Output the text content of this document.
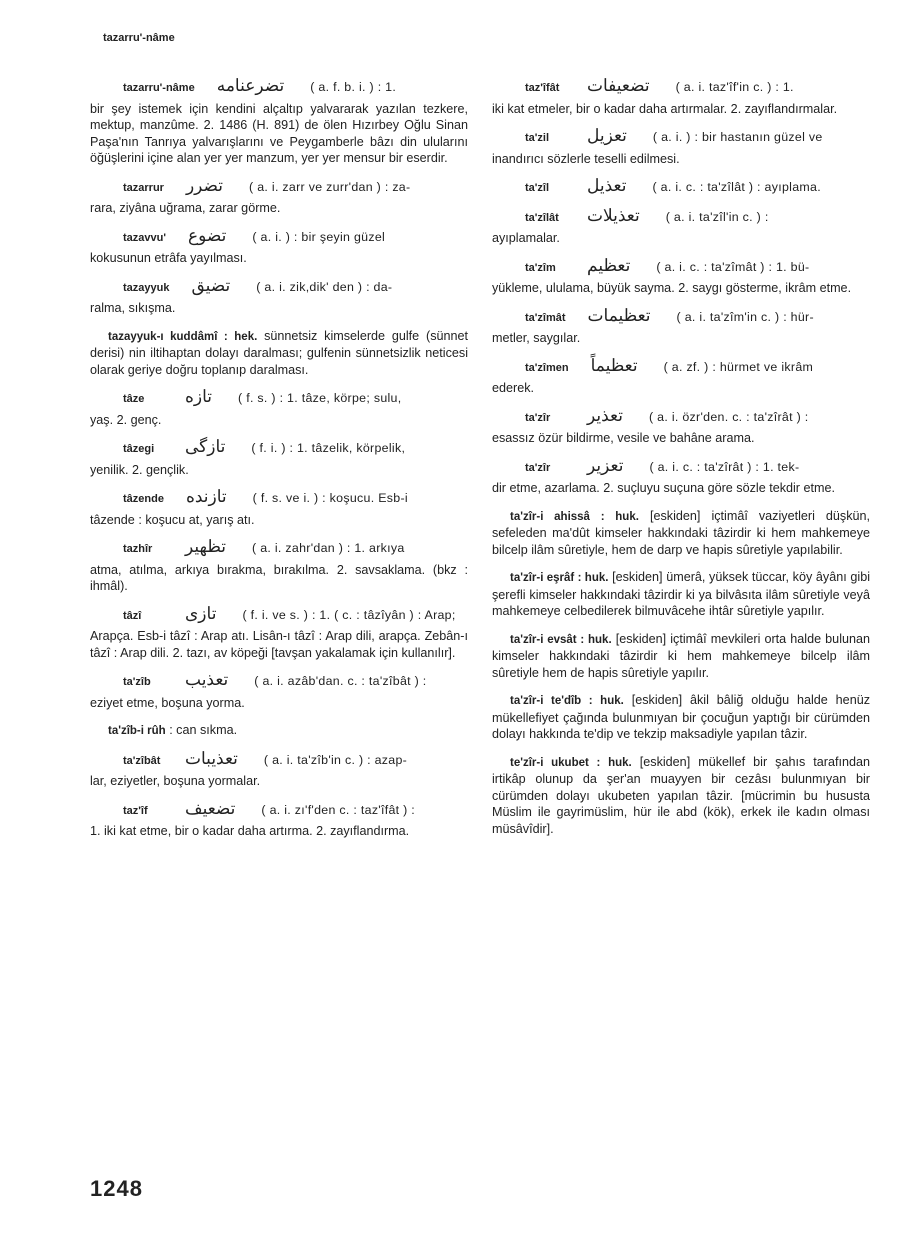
tazarru'-nâme
tazarru'-nâme تضرعنامه ( a. f. b. i. ) : 1.
bir şey istemek için kendini alçaltıp yalvararak yazılan tezkere, mektup, manzûme. 2. 1486 (H. 891) de ölen Hızırbey Oğlu Sinan Paşa'nın Tanrıya yalvarışlarını ve Peygamberle bâzı din ulularını öğüşlerini içine alan yer yer manzum, yer yer mensur bir eserdir.
tazarrur تضرر ( a. i. zarr ve zurr'dan ) : za-
rara, ziyâna uğrama, zarar görme.
tazavvu' تضوع ( a. i. ) : bir şeyin güzel
kokusunun etrâfa yayılması.
tazayyuk تضيق ( a. i. zik,dik' den ) : da-
ralma, sıkışma.
tazayyuk-ı kuddâmî : hek. sünnetsiz kimselerde gulfe (sünnet derisi) nin iltihaptan dolayı daralması; gulfenin sünnetsizlik neticesi olarak geriye doğru toplanıp daralması.
tâze	تازه ( f. s. ) : 1. tâze, körpe; sulu,
yaş. 2. genç.
tâzegi	تازگی ( f. i. ) : 1. tâzelik, körpelik,
yenilik. 2. gençlik.
tâzende تازنده ( f. s. ve i. ) : koşucu. Esb-i
tâzende : koşucu at, yarış atı.
tazhîr	تظهير ( a. i. zahr'dan ) : 1. arkıya
atma, atılma, arkıya bırakma, bırakılma. 2. savsaklama. (bkz : ihmâl).
tâzî	تازی ( f. i. ve s. ) : 1. ( c. : tâzîyân ) : Arap;
Arapça. Esb-i tâzî : Arap atı. Lisân-ı tâzî : Arap dili, arapça. Zebân-ı tâzî : Arap dili. 2. tazı, av köpeği [tavşan yakalamak için kullanılır].
ta'zîb	تعذيب ( a. i. azâb'dan. c. : ta'zîbât ) :
eziyet etme, boşuna yorma.
ta'zîb-i rûh : can sıkma.
ta'zîbât تعذيبات ( a. i. ta'zîb'in c. ) : azap-
lar, eziyetler, boşuna yormalar.
taz'îf	تضعيف ( a. i. zı'f'den c. : taz'îfât ) :
1. iki kat etme, bir o kadar daha artırma. 2. zayıflandırma.
taz'îfât	تضعيفات ( a. i. taz'îf'in c. ) : 1.
iki kat etmeler, bir o kadar daha artırmalar. 2. zayıflandırmalar.
ta'zil	تعزيل ( a. i. ) : bir hastanın güzel ve
inandırıcı sözlerle teselli edilmesi.
ta'zîl	تعذيل ( a. i. c. : ta'zîlât ) : ayıplama.
ta'zîlât	تعذيلات ( a. i. ta'zîl'in c. ) :
ayıplamalar.
ta'zîm	تعظيم ( a. i. c. : ta'zîmât ) : 1. bü-
yükleme, ululama, büyük sayma. 2. saygı gösterme, ikrâm etme.
ta'zîmât تعظيمات ( a. i. ta'zîm'in c. ) : hür-
metler, saygılar.
ta'zîmen تعظيماً ( a. zf. ) : hürmet ve ikrâm
ederek.
ta'zîr	تعذير ( a. i. özr'den. c. : ta'zîrât ) :
esassız özür bildirme, vesile ve bahâne arama.
ta'zîr	تعزير ( a. i. c. : ta'zîrât ) : 1. tek-
dir etme, azarlama. 2. suçluyu suçuna göre sözle tekdir etme.
ta'zîr-i ahissâ : huk. [eskiden] içtimâî vaziyetleri düşkün, sefeleden ma'dût kimseler hakkındaki tâzirdir ki hem mahkemeye bilcelp ilâm sûretiyle, hem de darp ve hapis sûretiyle yapılabilir.
ta'zîr-i eşrâf : huk. [eskiden] ümerâ, yüksek tüccar, köy âyânı gibi şerefli kimseler hakkındaki tâzirdir ki ya bilvâsıta ilâm sûretiyle veyâ mahkemeye celbedilerek bilmuvâcehe ihtâr sûretiyle yapılır.
ta'zîr-i evsât : huk. [eskiden] içtimâî mevkileri orta halde bulunan kimseler hakkındaki tâzirdir ki hem mahkemeye bilcelp ilâm sûretiyle hem de hapis sûretiyle yapılır.
ta'zîr-i te'dîb : huk. [eskiden] âkil bâliğ olduğu halde henüz mükellefiyet çağında bulunmıyan bir çocuğun yaptığı bir cürümden dolayı hakkında te'dip ve tekzip maksadiyle yapılan tâzir.
te'zîr-i ukubet : huk. [eskiden] mükellef bir şahıs tarafından irtikâp olunup da şer'an muayyen bir cezâsı bulunmıyan bir cürümden dolayı ukubeten yapılan tâzir. [mücrimin bu hususta Müslim ile gayrimüslim, hür ile abd (kök), erkek ile kadın olması müsâvîdir].
1248
